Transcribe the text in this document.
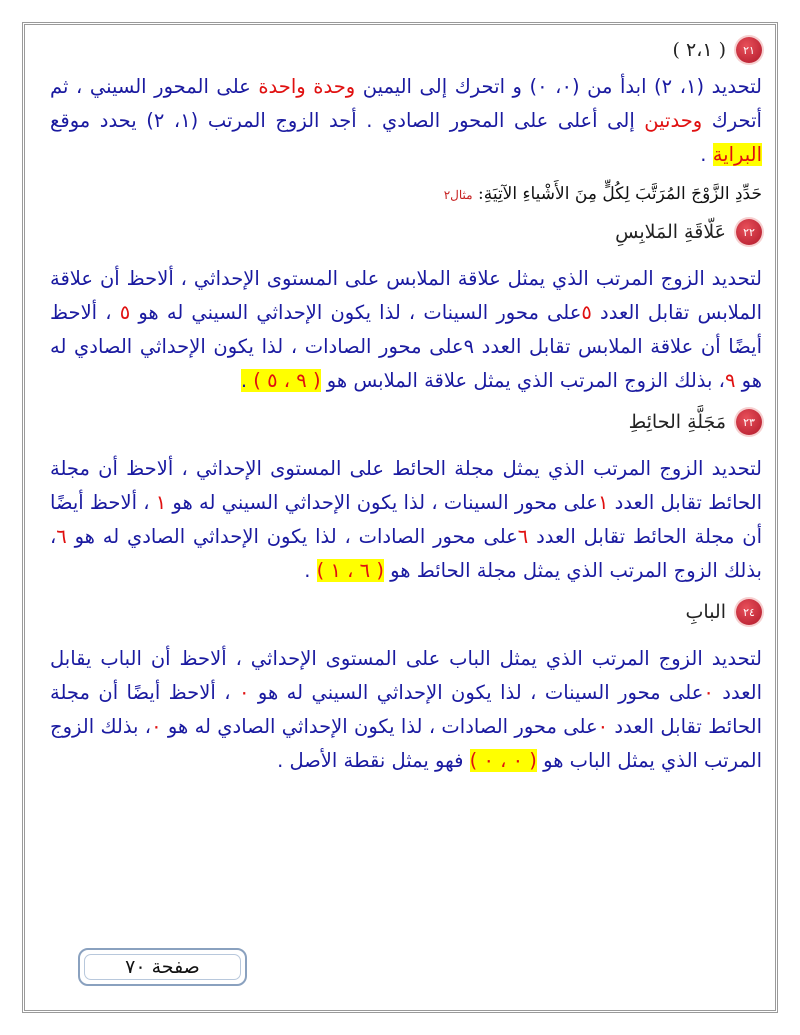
٢١
( ٢،١ )

لتحديد (١، ٢) ابدأ من (٠، ٠) و اتحرك إلى اليمين وحدة واحدة على المحور السيني ، ثم أتحرك وحدتين إلى أعلى على المحور الصادي . أجد الزوج المرتب (١، ٢) يحدد موقع البراية .

حَدِّدِ الزَّوْجَ المُرَتَّبَ لِكُلٍّ مِنَ الأَشْياءِ الآتِيَةِ: مثال٢
٢٢
عَلّاقَةِ المَلابِسِ

لتحديد الزوج المرتب الذي يمثل علاقة الملابس على المستوى الإحداثي ، ألاحظ أن علاقة الملابس تقابل العدد ٥على محور السينات ، لذا يكون الإحداثي السيني له هو ٥ ، ألاحظ أيضًا أن علاقة الملابس تقابل العدد ٩على محور الصادات ، لذا يكون الإحداثي الصادي له هو ٩، بذلك الزوج المرتب الذي يمثل علاقة الملابس هو ( ٩ ، ٥ ) .

٢٣
مَجَلَّةِ الحائِطِ

لتحديد الزوج المرتب الذي يمثل مجلة الحائط على المستوى الإحداثي ، ألاحظ أن مجلة الحائط تقابل العدد ١على محور السينات ، لذا يكون الإحداثي السيني له هو ١ ، ألاحظ أيضًا أن مجلة الحائط تقابل العدد ٦على محور الصادات ، لذا يكون الإحداثي الصادي له هو ٦، بذلك الزوج المرتب الذي يمثل مجلة الحائط هو ( ٦ ، ١ ) .

٢٤
البابِ

لتحديد الزوج المرتب الذي يمثل الباب على المستوى الإحداثي ، ألاحظ أن الباب يقابل العدد ٠على محور السينات ، لذا يكون الإحداثي السيني له هو ٠ ، ألاحظ أيضًا أن مجلة الحائط تقابل العدد ٠على محور الصادات ، لذا يكون الإحداثي الصادي له هو ٠، بذلك الزوج المرتب الذي يمثل الباب هو ( ٠ ، ٠ ) فهو يمثل نقطة الأصل .

صفحة ٧٠
